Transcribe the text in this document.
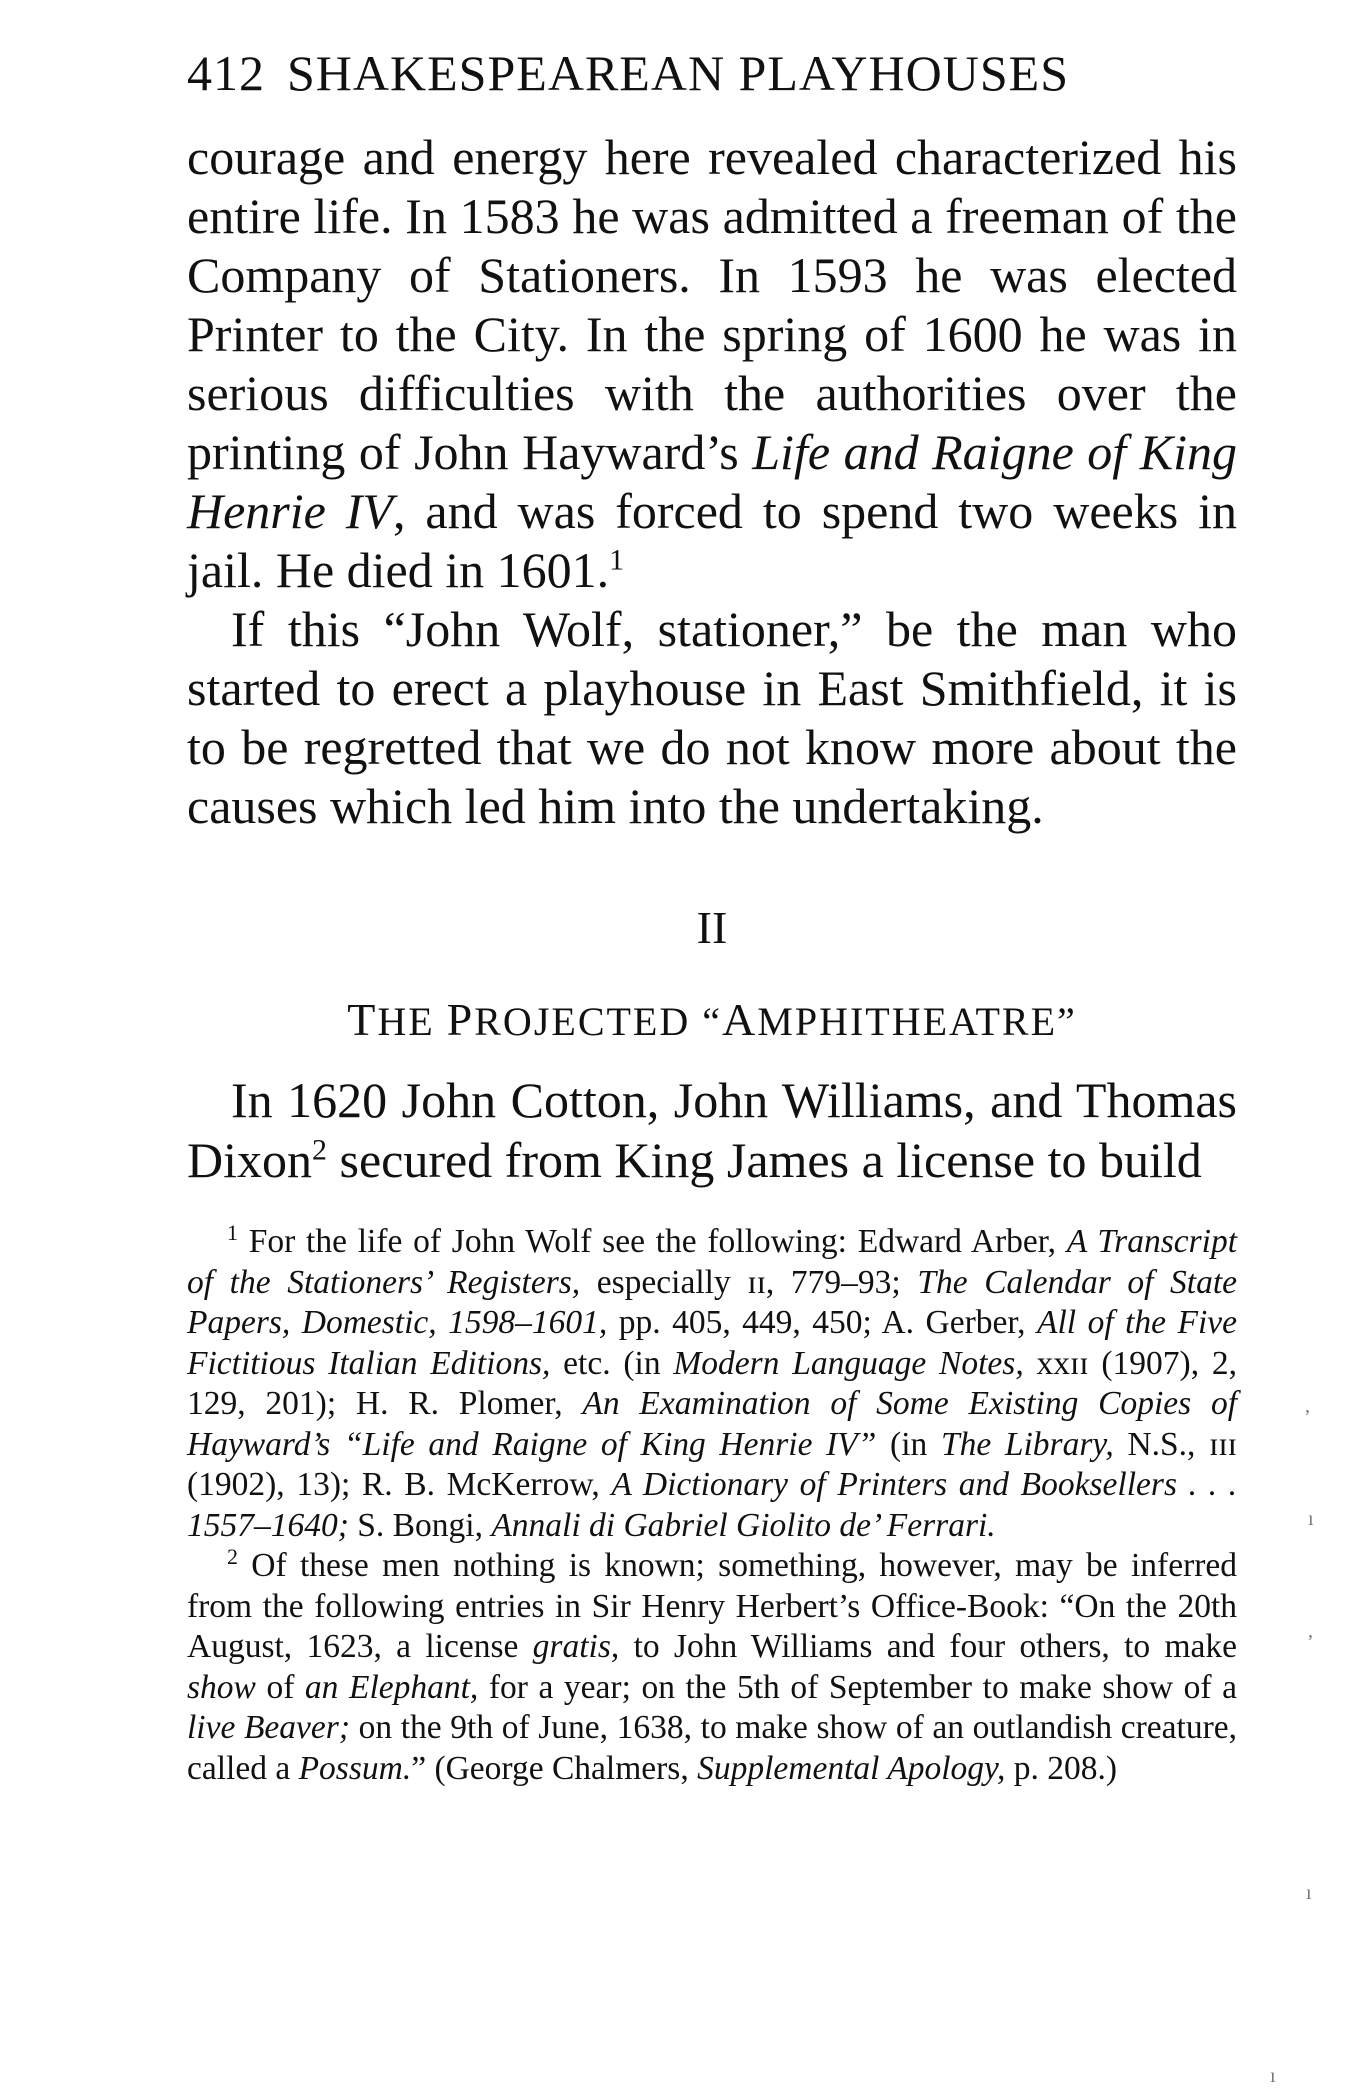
412 SHAKESPEAREAN PLAYHOUSES

courage and energy here revealed characterized his entire life. In 1583 he was admitted a freeman of the Company of Stationers. In 1593 he was elected Printer to the City. In the spring of 1600 he was in serious difficulties with the authorities over the printing of John Hayward’s Life and Raigne of King Henrie IV, and was forced to spend two weeks in jail. He died in 1601.$^1$

If this “John Wolf, stationer,” be the man who started to erect a playhouse in East Smithfield, it is to be regretted that we do not know more about the causes which led him into the undertaking.

II
THE PROJECTED “AMPHITHEATRE”

In 1620 John Cotton, John Williams, and Thomas Dixon$^2$ secured from King James a license to build

$^1$ For the life of John Wolf see the following: Edward Arber, A Transcript of the Stationers’ Registers, especially ɪɪ, 779–93; The Calendar of State Papers, Domestic, 1598–1601, pp. 405, 449, 450; A. Gerber, All of the Five Fictitious Italian Editions, etc. (in Modern Language Notes, xxɪɪ (1907), 2, 129, 201); H. R. Plomer, An Examination of Some Existing Copies of Hayward’s “Life and Raigne of King Henrie IV” (in The Library, N.S., ɪɪɪ (1902), 13); R. B. McKerrow, A Dictionary of Printers and Booksellers . . . 1557–1640; S. Bongi, Annali di Gabriel Giolito de’ Ferrari.

$^2$ Of these men nothing is known; something, however, may be inferred from the following entries in Sir Henry Herbert’s Office-Book: “On the 20th August, 1623, a license gratis, to John Williams and four others, to make show of an Elephant, for a year; on the 5th of September to make show of a live Beaver; on the 9th of June, 1638, to make show of an outlandish creature, called a Possum.” (George Chalmers, Supplemental Apology, p. 208.)

,
ı
,
ı
ı
